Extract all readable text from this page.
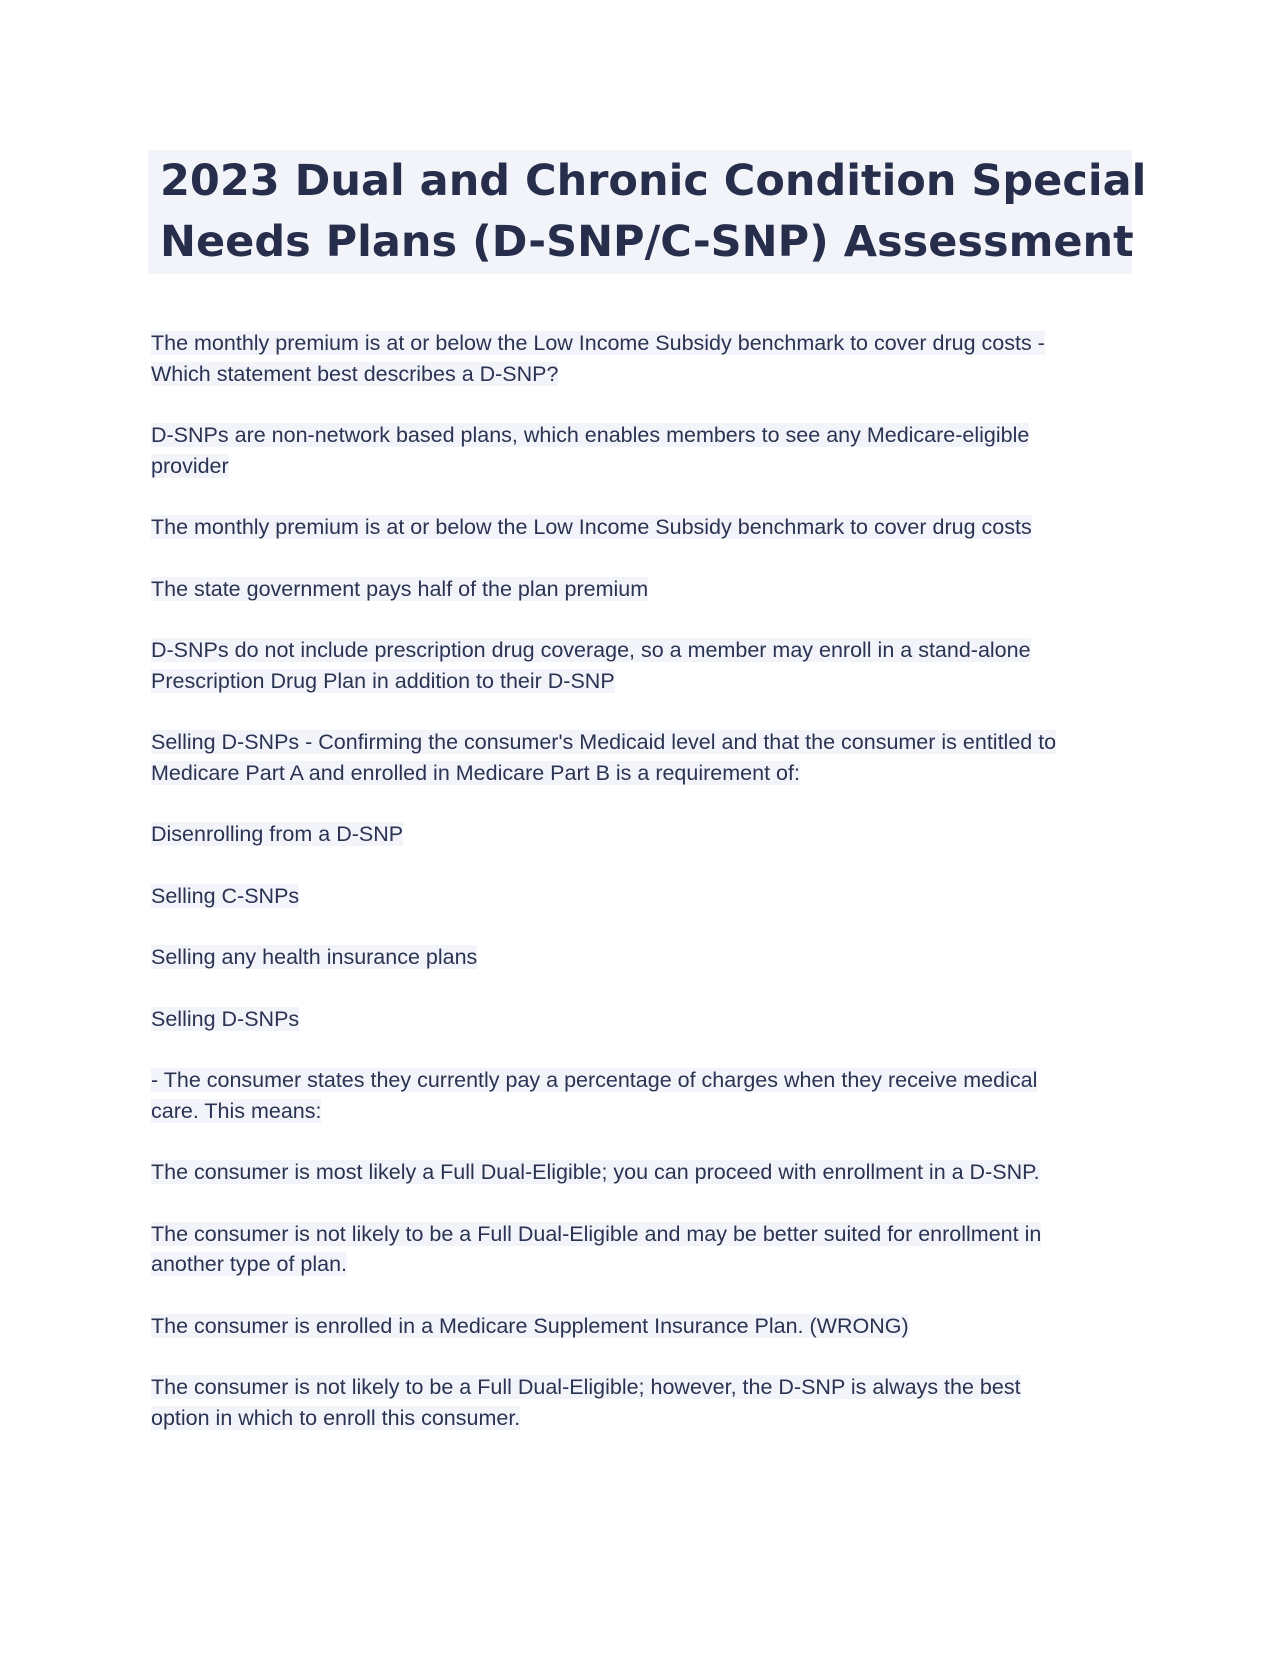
2023 Dual and Chronic Condition Special
Needs Plans (D-SNP/C-SNP) Assessment

The monthly premium is at or below the Low Income Subsidy benchmark to cover drug costs -
Which statement best describes a D-SNP?

D-SNPs are non-network based plans, which enables members to see any Medicare-eligible
provider

The monthly premium is at or below the Low Income Subsidy benchmark to cover drug costs

The state government pays half of the plan premium

D-SNPs do not include prescription drug coverage, so a member may enroll in a stand-alone
Prescription Drug Plan in addition to their D-SNP

Selling D-SNPs - Confirming the consumer's Medicaid level and that the consumer is entitled to
Medicare Part A and enrolled in Medicare Part B is a requirement of:

Disenrolling from a D-SNP

Selling C-SNPs

Selling any health insurance plans

Selling D-SNPs

- The consumer states they currently pay a percentage of charges when they receive medical
care. This means:

The consumer is most likely a Full Dual-Eligible; you can proceed with enrollment in a D-SNP.

The consumer is not likely to be a Full Dual-Eligible and may be better suited for enrollment in
another type of plan.

The consumer is enrolled in a Medicare Supplement Insurance Plan. (WRONG)

The consumer is not likely to be a Full Dual-Eligible; however, the D-SNP is always the best
option in which to enroll this consumer.
